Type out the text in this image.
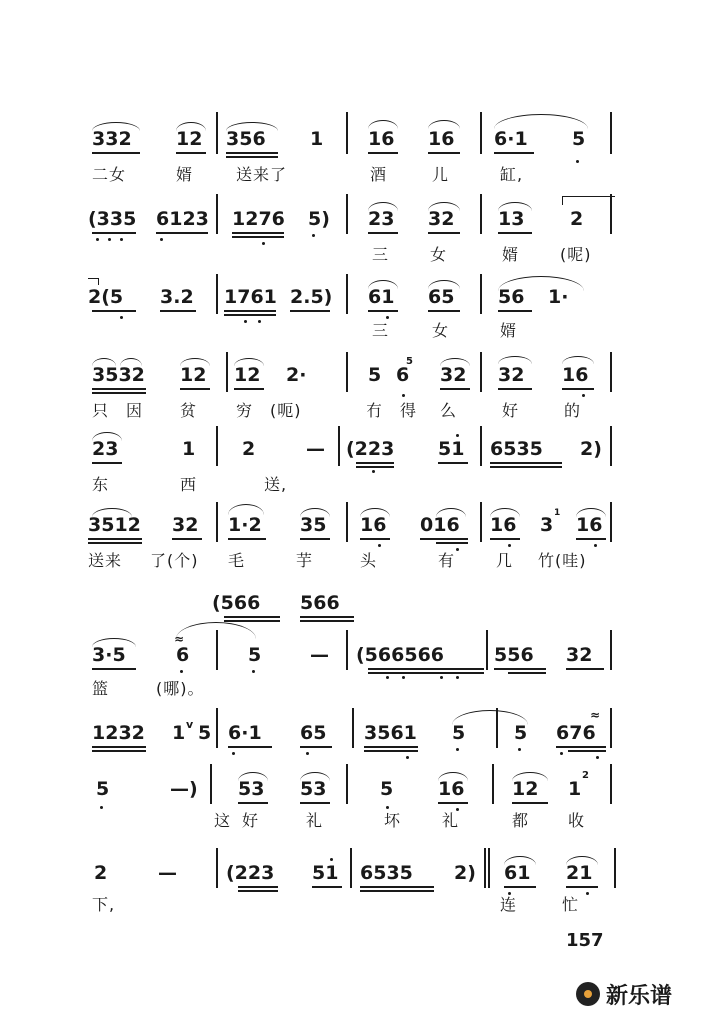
332 12 356 1 16 16 6·1 5
二女	婿	送来了	酒	儿	缸,
(335 6123 1276 5) 23 32 13 2
三	女	婿	(呢)
2(5 3.2 1761 2.5) 61 65 56 1·
三	女	婿
3532 12 12 2·	5 6
5
32 32 16
只 因 贫 穷 (呃)	冇 得 么	好	的
23	1 2	— (223 51 6535 2)
东	西	送,
3512 32 1·2 35 16 016 16 3
1
16
送来 了(个) 毛	芋	头	有	几 竹(哇)
(566 566
≈
3·5	6	5	— (566566	556 32
篮	(哪)。
1232 1 v 5 6·1 65 3561 5	5
≈
676
5	—) 53 53	5 16	12 1
2
这 好	礼	坏	礼	都 收
2	—	(223 51 6535 2) 61 21
下,	连	忙
157
新乐谱
